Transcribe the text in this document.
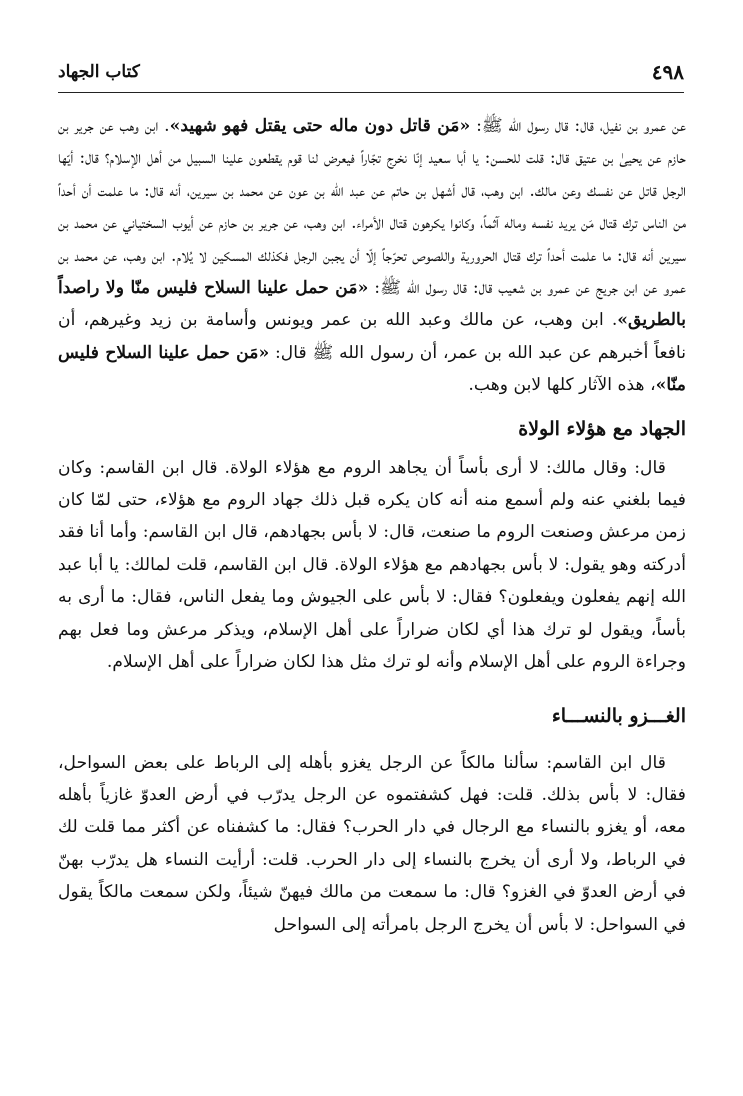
كتاب الجهاد	٤٩٨

عن عمرو بن نفيل، قال: قال رسول الله ﷺ: «مَن قاتل دون ماله حتى يقتل فهو شهيد». ابن وهب عن جرير بن حازم عن يحيىٰ بن عتيق قال: قلت للحسن: يا أبا سعيد إنّا نخرج تجّاراً فيعرض لنا قوم يقطعون علينا السبيل من أهل الإسلام؟ قال: أيّها الرجل قاتل عن نفسك وعن مالك. ابن وهب، قال أشهل بن حاتم عن عبد الله بن عون عن محمد بن سيرين، أنه قال: ما علمت أن أحداً من الناس ترك قتال مَن يريد نفسه وماله آثماً، وكانوا يكرهون قتال الأمراء. ابن وهب، عن جرير بن حازم عن أيوب السختياني عن محمد بن سيرين أنه قال: ما علمت أحداً ترك قتال الحرورية واللصوص تحرّجاً إلّا أن يجبن الرجل فكذلك المسكين لا يُلام. ابن وهب، عن محمد بن عمرو عن ابن جريج عن عمرو بن شعيب قال: قال رسول الله ﷺ: «مَن حمل علينا السلاح فليس منّا ولا راصداً بالطريق». ابن وهب، عن مالك وعبد الله بن عمر ويونس وأسامة بن زيد وغيرهم، أن نافعاً أخبرهم عن عبد الله بن عمر، أن رسول الله ﷺ قال: «مَن حمل علينا السلاح فليس منّا»، هذه الآثار كلها لابن وهب.

الجهاد مع هؤلاء الولاة

قال: وقال مالك: لا أرى بأساً أن يجاهد الروم مع هؤلاء الولاة. قال ابن القاسم: وكان فيما بلغني عنه ولم أسمع منه أنه كان يكره قبل ذلك جهاد الروم مع هؤلاء، حتى لمّا كان زمن مرعش وصنعت الروم ما صنعت، قال: لا بأس بجهادهم، قال ابن القاسم: وأما أنا فقد أدركته وهو يقول: لا بأس بجهادهم مع هؤلاء الولاة. قال ابن القاسم، قلت لمالك: يا أبا عبد الله إنهم يفعلون ويفعلون؟ فقال: لا بأس على الجيوش وما يفعل الناس، فقال: ما أرى به بأساً، ويقول لو ترك هذا أي لكان ضراراً على أهل الإسلام، ويذكر مرعش وما فعل بهم وجراءة الروم على أهل الإسلام وأنه لو ترك مثل هذا لكان ضراراً على أهل الإسلام.

الغـــزو بالنســـاء

قال ابن القاسم: سألنا مالكاً عن الرجل يغزو بأهله إلى الرباط على بعض السواحل، فقال: لا بأس بذلك. قلت: فهل كشفتموه عن الرجل يدرّب في أرض العدوّ غازياً بأهله معه، أو يغزو بالنساء مع الرجال في دار الحرب؟ فقال: ما كشفناه عن أكثر مما قلت لك في الرباط، ولا أرى أن يخرج بالنساء إلى دار الحرب. قلت: أرأيت النساء هل يدرّب بهنّ في أرض العدوّ في الغزو؟ قال: ما سمعت من مالك فيهنّ شيئاً، ولكن سمعت مالكاً يقول في السواحل: لا بأس أن يخرج الرجل بامرأته إلى السواحل
